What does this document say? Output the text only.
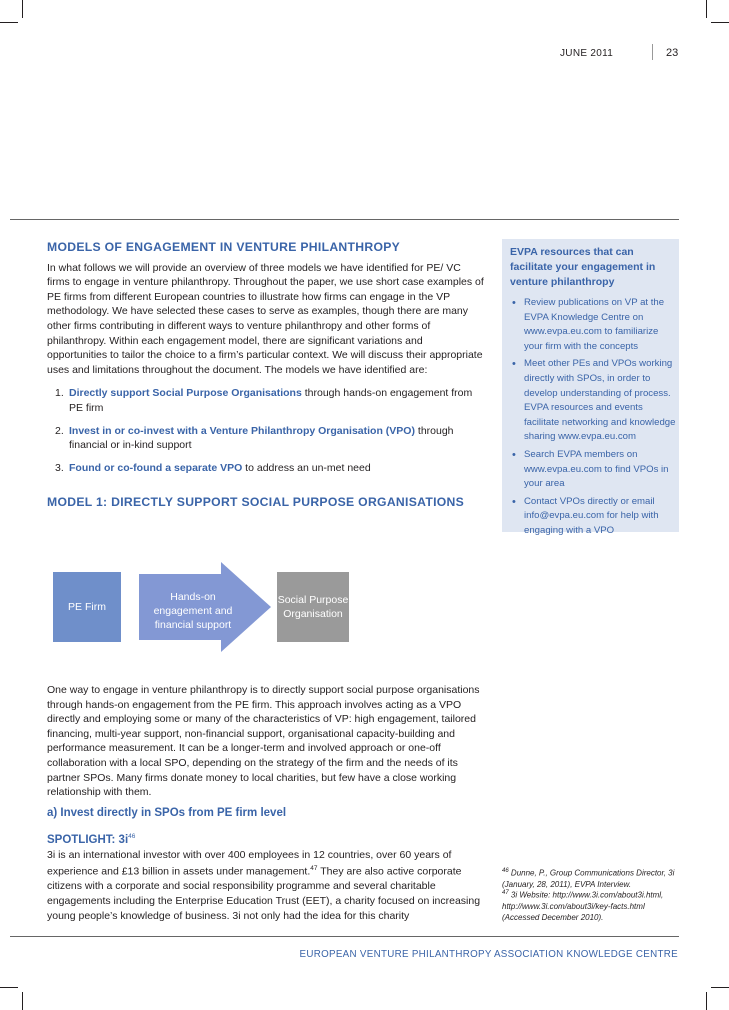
JUNE 2011	23
MODELS OF ENGAGEMENT IN VENTURE PHILANTHROPY

In what follows we will provide an overview of three models we have identified for PE/ VC firms to engage in venture philanthropy. Throughout the paper, we use short case examples of PE firms from different European countries to illustrate how firms can engage in the VP methodology. We have selected these cases to serve as examples, though there are many other firms contributing in different ways to venture philanthropy and other forms of philanthropy. Within each engagement model, there are significant variations and opportunities to tailor the choice to a firm’s particular context. We will discuss their appropriate uses and limitations throughout the document. The models we have identified are:

1. Directly support Social Purpose Organisations through hands-on engagement from PE firm
2. Invest in or co-invest with a Venture Philanthropy Organisation (VPO) through financial or in-kind support
3. Found or co-found a separate VPO to address an un-met need
MODEL 1: DIRECTLY SUPPORT SOCIAL PURPOSE ORGANISATIONS
PE Firm
Hands-on engagement and financial support
Social Purpose Organisation

One way to engage in venture philanthropy is to directly support social purpose organisations through hands-on engagement from the PE firm. This approach involves acting as a VPO directly and employing some or many of the characteristics of VP: high engagement, tailored financing, multi-year support, non-financial support, organisational capacity-building and performance measurement. It can be a longer-term and involved approach or one-off collaboration with a local SPO, depending on the strategy of the firm and the needs of its partner SPOs. Many firms donate money to local charities, but few have a close working relationship with them.

a) Invest directly in SPOs from PE firm level
SPOTLIGHT: $3i^{46}$

3i is an international investor with over 400 employees in 12 countries, over 60 years of experience and £13 billion in assets under management.$^{47}$ They are also active corporate citizens with a corporate and social responsibility programme and several charitable engagements including the Enterprise Education Trust (EET), a charity focused on increasing young people’s knowledge of business. 3i not only had the idea for this charity

EVPA resources that can facilitate your engagement in venture philanthropy
• Review publications on VP at the EVPA Knowledge Centre on www.evpa.eu.com to familiarize your firm with the concepts
• Meet other PEs and VPOs working directly with SPOs, in order to develop understanding of process. EVPA resources and events facilitate networking and knowledge sharing www.evpa.eu.com
• Search EVPA members on www.evpa.eu.com to find VPOs in your area
• Contact VPOs directly or email info@evpa.eu.com for help with engaging with a VPO
$^{46}$ Dunne, P., Group Communications Director, 3i (January, 28, 2011), EVPA Interview.
$^{47}$ 3i Website: http://www.3i.com/about3i.html, http://www.3i.com/about3i/key-facts.html (Accessed December 2010).
EUROPEAN VENTURE PHILANTHROPY ASSOCIATION KNOWLEDGE CENTRE
